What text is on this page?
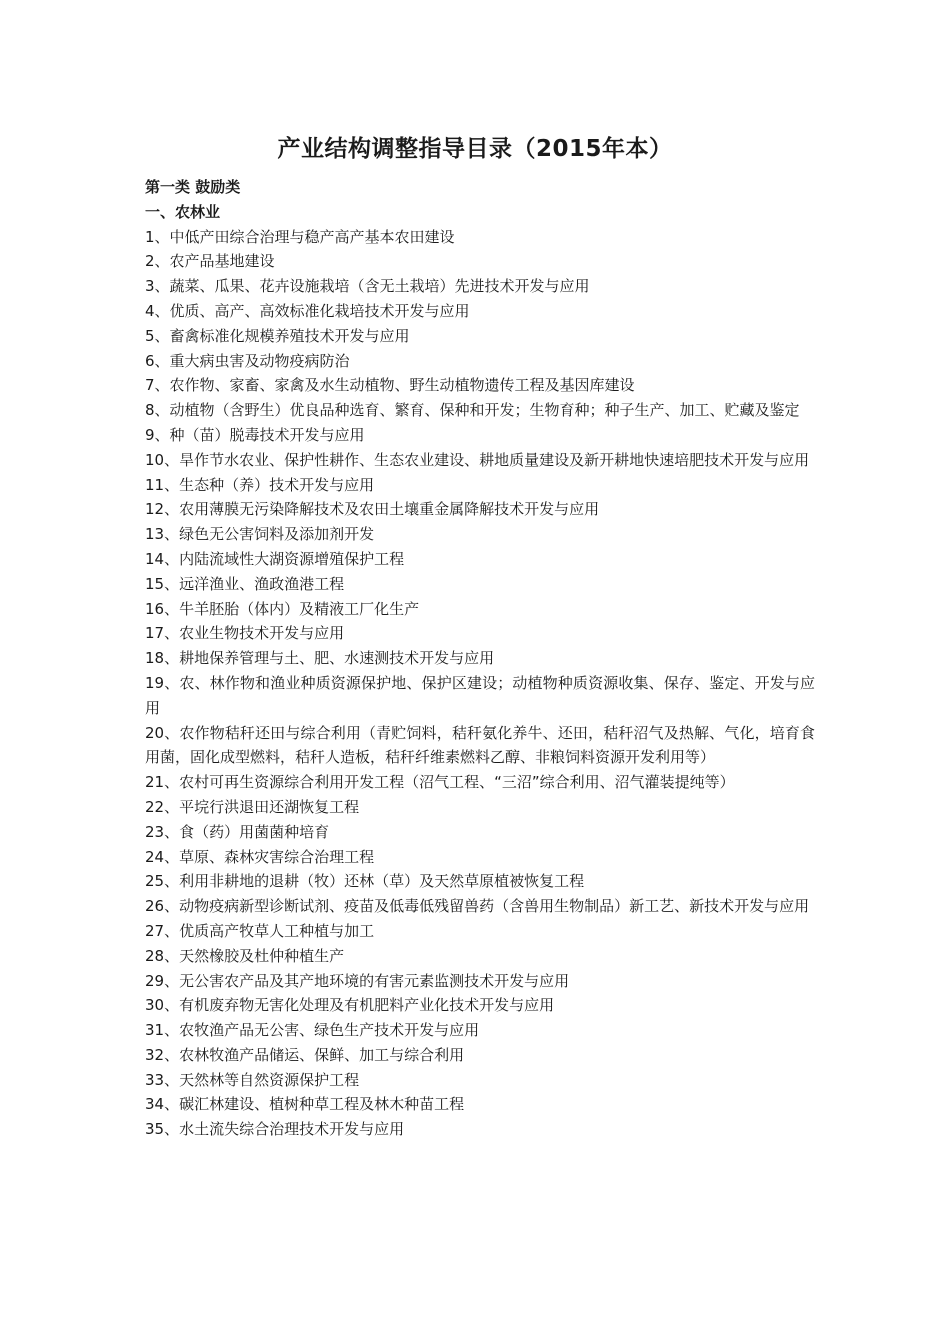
产业结构调整指导目录（2015年本）

第一类 鼓励类

一、农林业

1、中低产田综合治理与稳产高产基本农田建设
2、农产品基地建设
3、蔬菜、瓜果、花卉设施栽培（含无土栽培）先进技术开发与应用
4、优质、高产、高效标准化栽培技术开发与应用
5、畜禽标准化规模养殖技术开发与应用
6、重大病虫害及动物疫病防治
7、农作物、家畜、家禽及水生动植物、野生动植物遗传工程及基因库建设
8、动植物（含野生）优良品种选育、繁育、保种和开发；生物育种；种子生产、加工、贮藏及鉴定
9、种（苗）脱毒技术开发与应用
10、旱作节水农业、保护性耕作、生态农业建设、耕地质量建设及新开耕地快速培肥技术开发与应用
11、生态种（养）技术开发与应用
12、农用薄膜无污染降解技术及农田土壤重金属降解技术开发与应用
13、绿色无公害饲料及添加剂开发
14、内陆流域性大湖资源增殖保护工程
15、远洋渔业、渔政渔港工程
16、牛羊胚胎（体内）及精液工厂化生产
17、农业生物技术开发与应用
18、耕地保养管理与土、肥、水速测技术开发与应用
19、农、林作物和渔业种质资源保护地、保护区建设；动植物种质资源收集、保存、鉴定、开发与应用
20、农作物秸秆还田与综合利用（青贮饲料，秸秆氨化养牛、还田，秸秆沼气及热解、气化，培育食用菌，固化成型燃料，秸秆人造板，秸秆纤维素燃料乙醇、非粮饲料资源开发利用等）
21、农村可再生资源综合利用开发工程（沼气工程、“三沼”综合利用、沼气灌装提纯等）
22、平垸行洪退田还湖恢复工程
23、食（药）用菌菌种培育
24、草原、森林灾害综合治理工程
25、利用非耕地的退耕（牧）还林（草）及天然草原植被恢复工程
26、动物疫病新型诊断试剂、疫苗及低毒低残留兽药（含兽用生物制品）新工艺、新技术开发与应用
27、优质高产牧草人工种植与加工
28、天然橡胶及杜仲种植生产
29、无公害农产品及其产地环境的有害元素监测技术开发与应用
30、有机废弃物无害化处理及有机肥料产业化技术开发与应用
31、农牧渔产品无公害、绿色生产技术开发与应用
32、农林牧渔产品储运、保鲜、加工与综合利用
33、天然林等自然资源保护工程
34、碳汇林建设、植树种草工程及林木种苗工程
35、水土流失综合治理技术开发与应用
